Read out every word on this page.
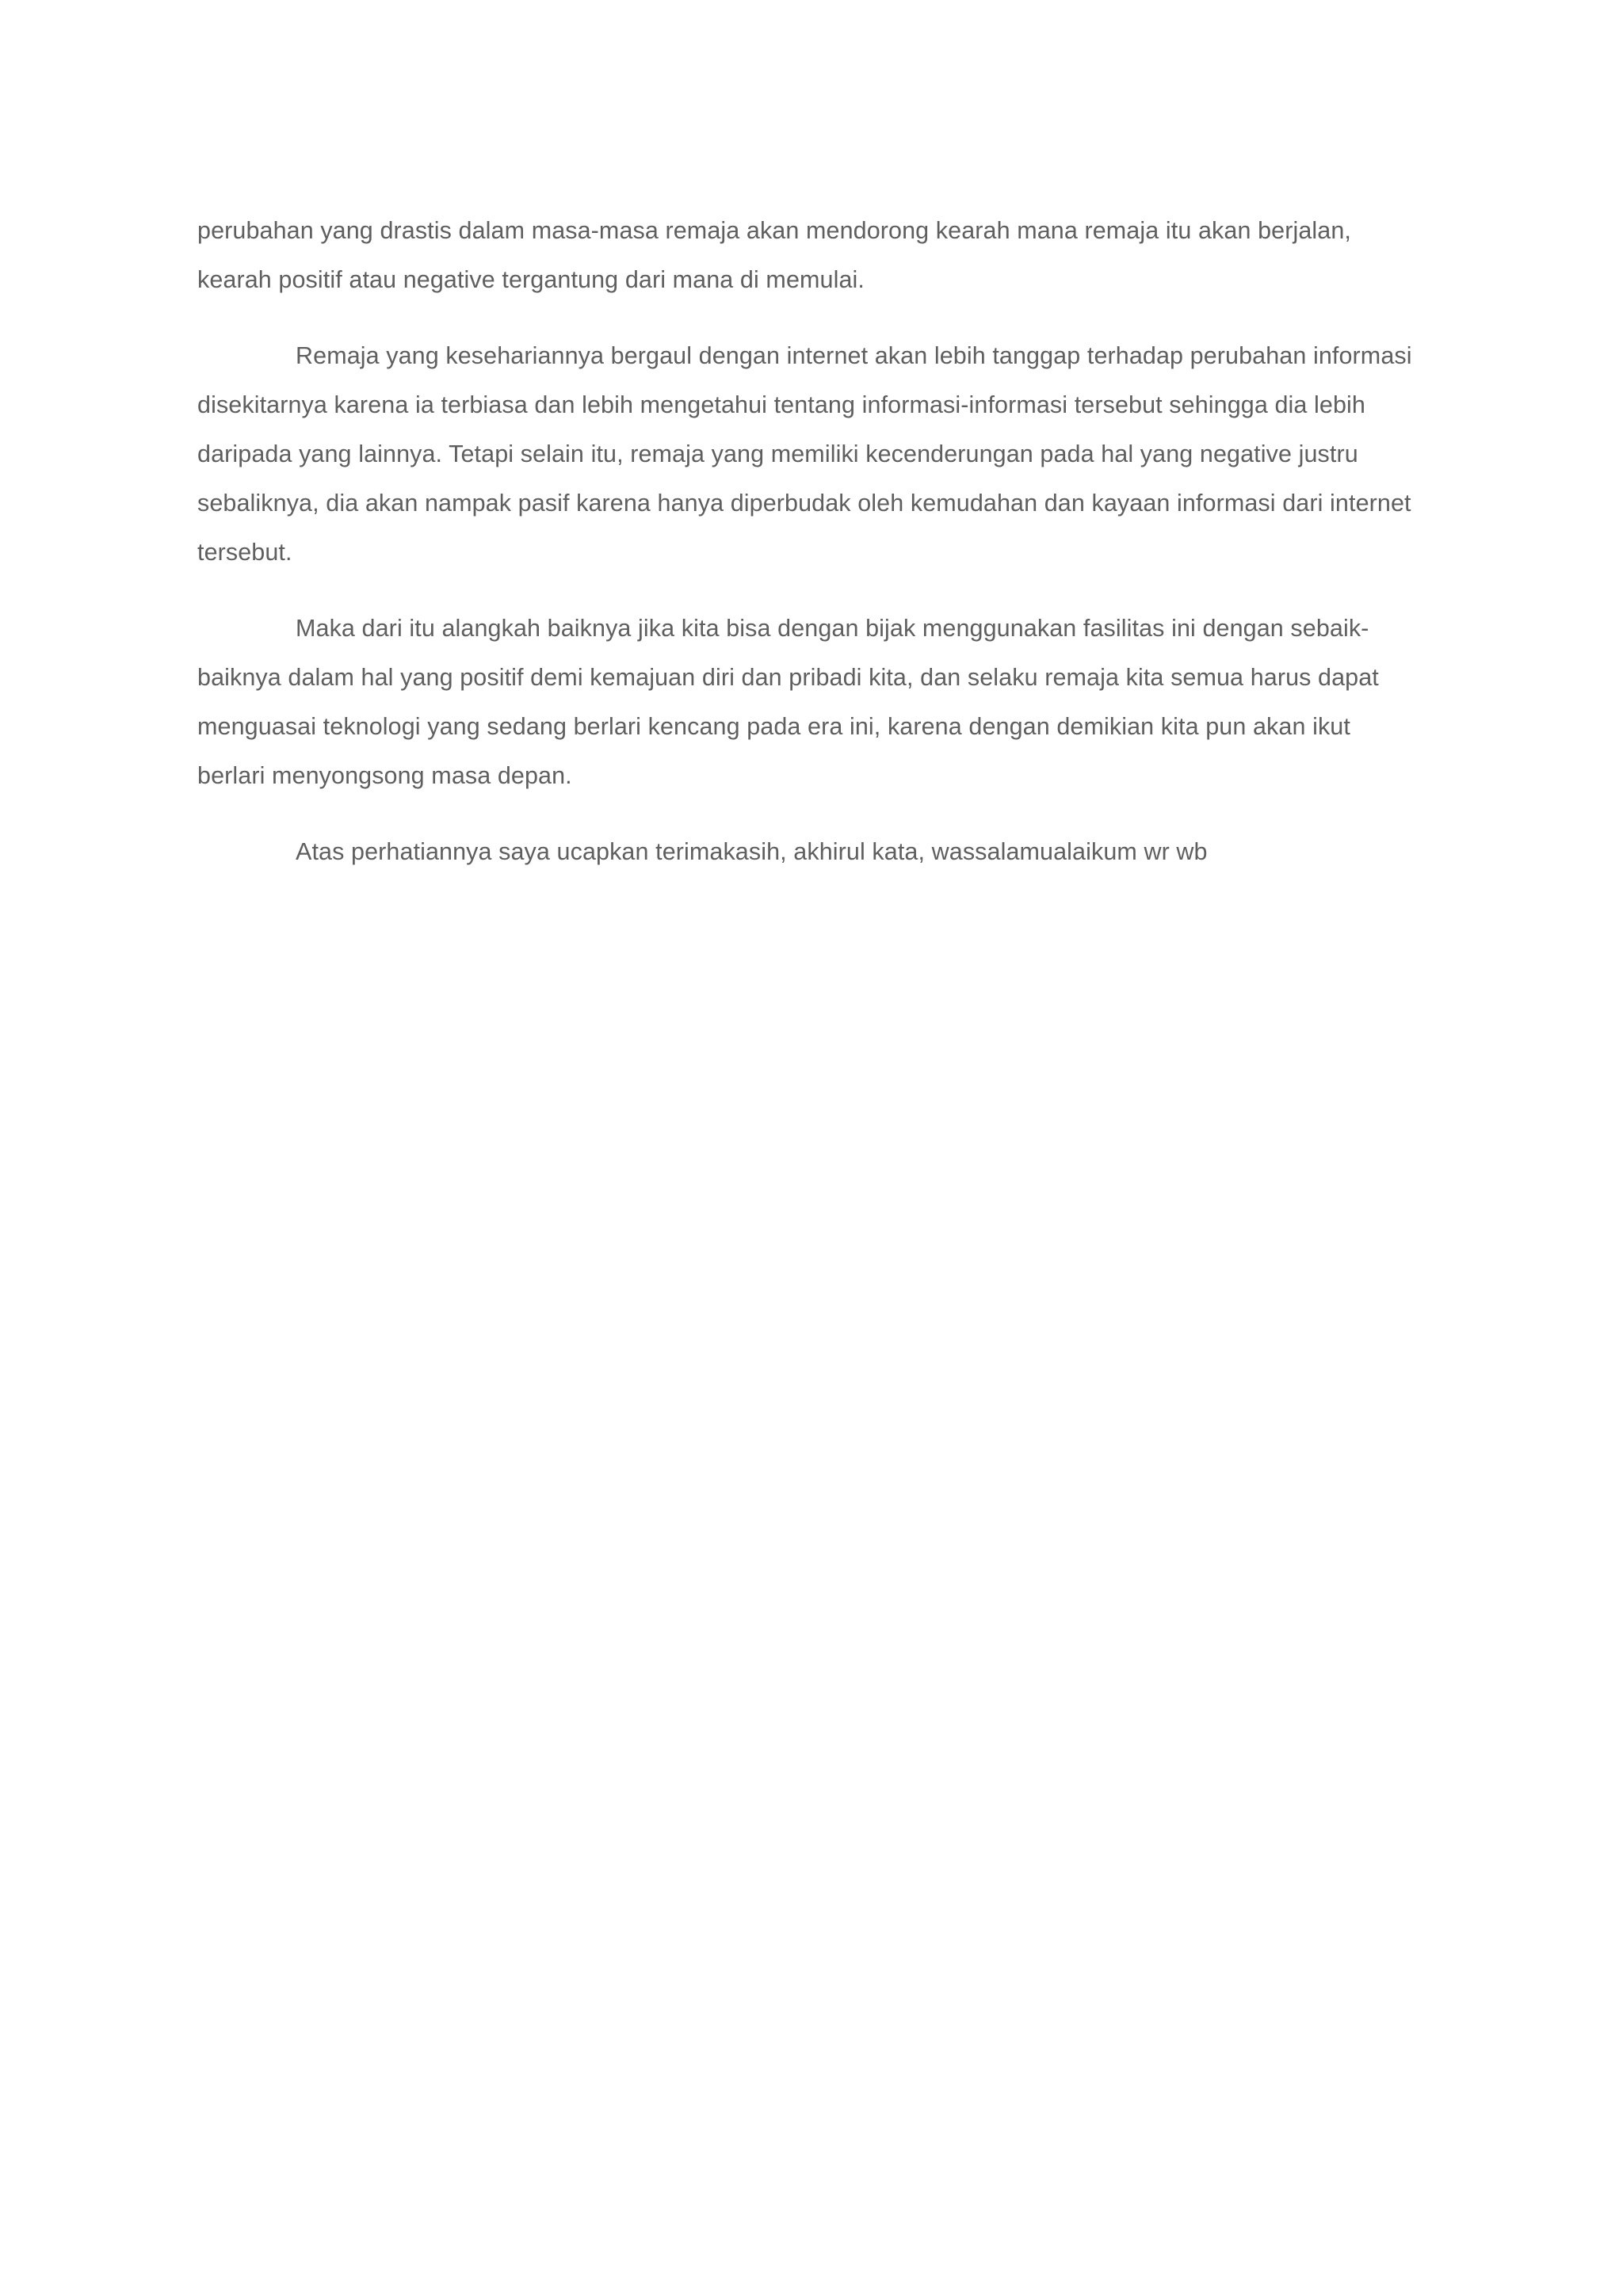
perubahan yang drastis dalam masa-masa remaja akan mendorong kearah mana remaja itu akan berjalan,
kearah positif atau negative tergantung dari mana di memulai.

Remaja yang kesehariannya bergaul dengan internet akan lebih tanggap terhadap perubahan informasi
disekitarnya karena ia terbiasa dan lebih mengetahui tentang informasi-informasi tersebut sehingga dia lebih
daripada yang lainnya. Tetapi selain itu, remaja yang memiliki kecenderungan pada hal yang negative justru
sebaliknya, dia akan nampak pasif karena hanya diperbudak oleh kemudahan dan kayaan informasi dari internet
tersebut.

Maka dari itu alangkah baiknya jika kita bisa dengan bijak menggunakan fasilitas ini dengan sebaik-
baiknya dalam hal yang positif demi kemajuan diri dan pribadi kita, dan selaku remaja kita semua harus dapat
menguasai teknologi yang sedang berlari kencang pada era ini, karena dengan demikian kita pun akan ikut
berlari menyongsong masa depan.

Atas perhatiannya saya ucapkan terimakasih, akhirul kata, wassalamualaikum wr wb
